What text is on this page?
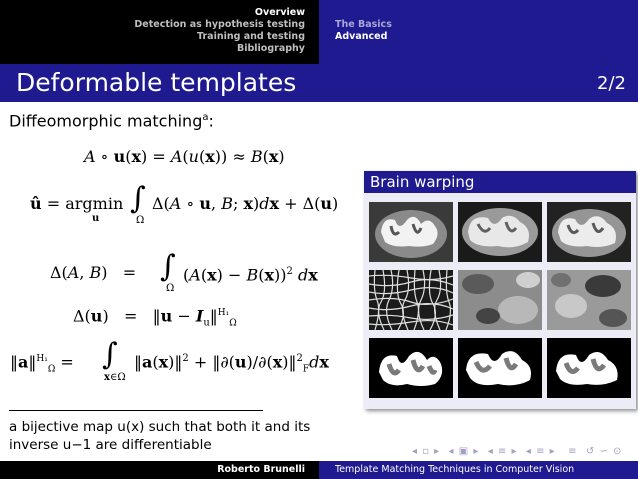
Overview
Detection as hypothesis testing
Training and testing
Bibliography
The Basics
Advanced
Deformable templates	2/2
Diffeomorphic matching$^a$:
A ∘ u(x) = A(u(x)) ≈ B(x)
û = argmin
u
∫
Ω
Δ(A ∘ u, B; x)dx + Δ(u)
Δ(A, B)   = ∫
Ω
$(A(x) - B(x))^2$ dx
Δ(u)   =   ‖u − $I_u‖^{H_1}_\Omega$
‖a‖$^{H_1}_\Omega$ = ∫
x∈Ω
‖a(x)‖$^2$ + ‖∂(u)/∂(x)‖$^2_F$dx
a bijective map u(x) such that both it and its inverse u−1 are differentiable
Brain warping
◂ ▫ ▸  ◂ ▣ ▸  ◂ ≡ ▸  ◂ ≡ ▸   ≡  ↺ ∽ ⊙
Roberto Brunelli	Template Matching Techniques in Computer Vision
